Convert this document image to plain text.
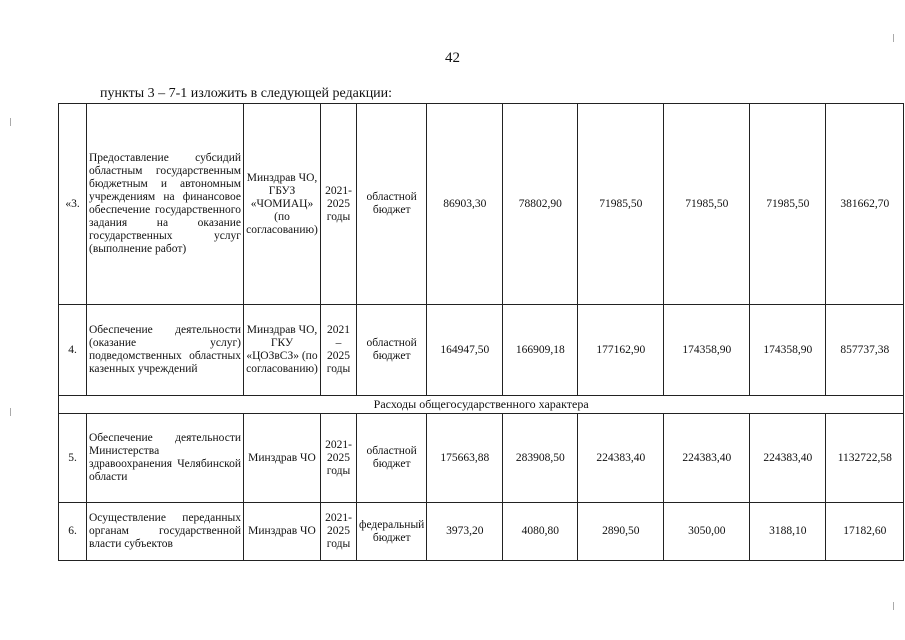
42
пункты 3 – 7-1 изложить в следующей редакции:
«3.	Предоставление субсидий областным государственным бюджетным и автономным учреждениям на финансовое обеспечение государственного задания на оказание государственных услуг (выполнение работ)	Минздрав ЧО, ГБУЗ «ЧОМИАЦ» (по согласованию)	2021-2025 годы	областной бюджет	86903,30	78802,90	71985,50	71985,50	71985,50	381662,70
4.	Обеспечение деятельности (оказание услуг) подведомственных областных казенных учреждений	Минздрав ЧО, ГКУ «ЦОЗвСЗ» (по согласованию)	2021 – 2025 годы	областной бюджет	164947,50	166909,18	177162,90	174358,90	174358,90	857737,38
Расходы общегосударственного характера										
5.	Обеспечение деятельности Министерства здравоохранения Челябинской области	Минздрав ЧО	2021-2025 годы	областной бюджет	175663,88	283908,50	224383,40	224383,40	224383,40	1132722,58
6.	Осуществление переданных органам государственной власти субъектов	Минздрав ЧО	2021-2025 годы	федеральный бюджет	3973,20	4080,80	2890,50	3050,00	3188,10	17182,60
